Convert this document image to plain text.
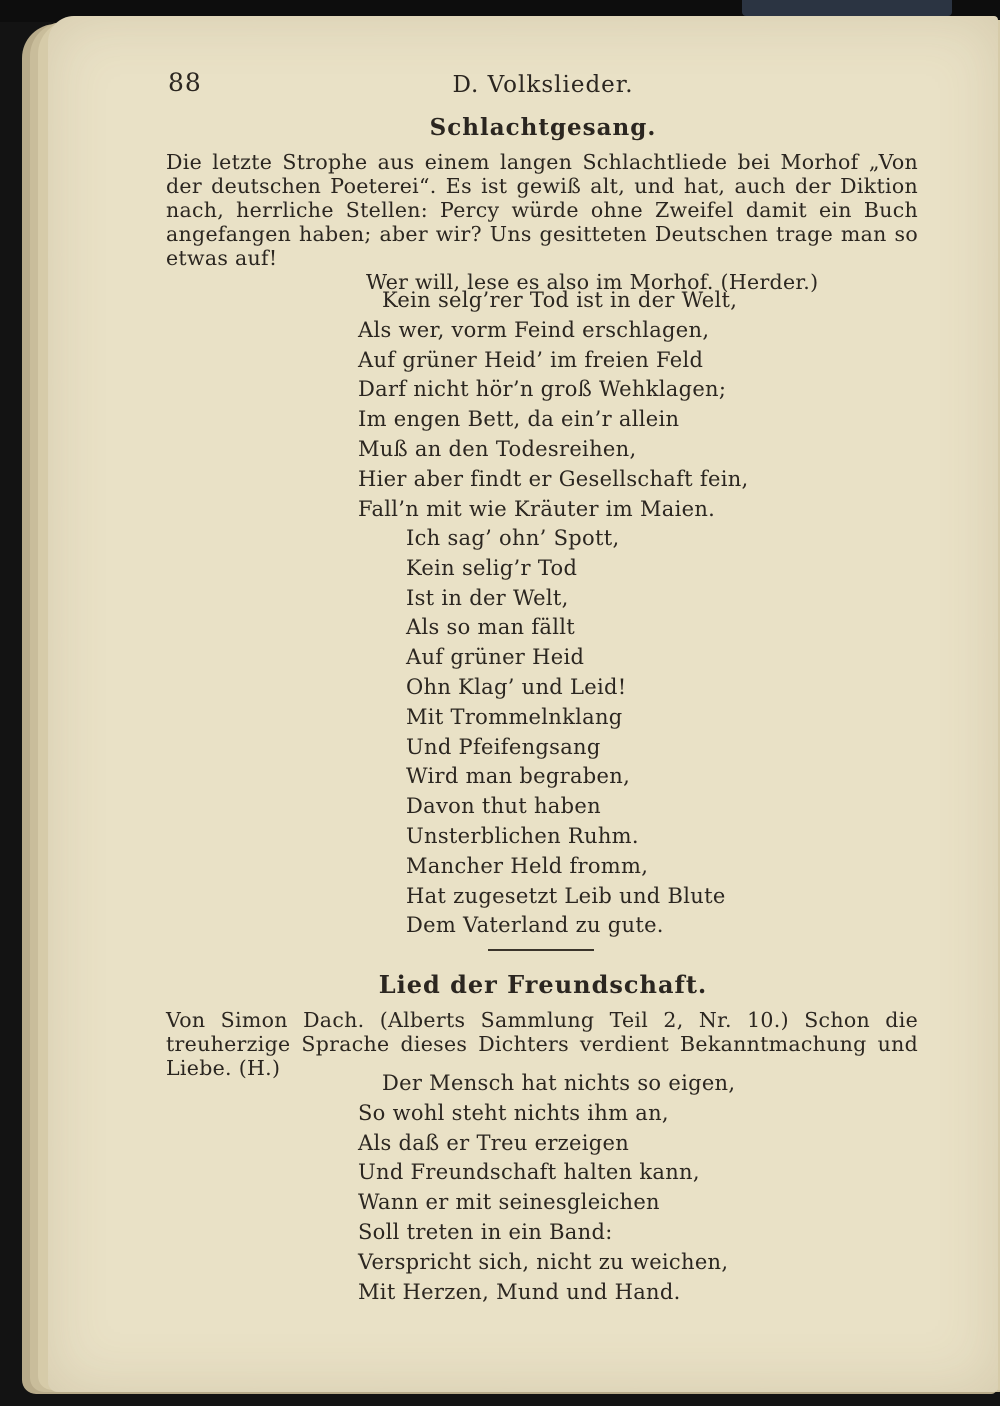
88	D. Volkslieder.
Schlachtgesang.
Die letzte Strophe aus einem langen Schlachtliede bei Morhof „Von der deutschen Poeterei“. Es ist gewiß alt, und hat, auch der Diktion nach, herrliche Stellen: Percy würde ohne Zweifel damit ein Buch angefangen haben; aber wir? Uns gesitteten Deutschen trage man so etwas auf!
Wer will, lese es also im Morhof. (Herder.)
Kein selg’rer Tod ist in der Welt,
Als wer, vorm Feind erschlagen,
Auf grüner Heid’ im freien Feld
Darf nicht hör’n groß Wehklagen;
Im engen Bett, da ein’r allein
Muß an den Todesreihen,
Hier aber findt er Gesellschaft fein,
Fall’n mit wie Kräuter im Maien.
Ich sag’ ohn’ Spott,
Kein selig’r Tod
Ist in der Welt,
Als so man fällt
Auf grüner Heid
Ohn Klag’ und Leid!
Mit Trommelnklang
Und Pfeifengsang
Wird man begraben,
Davon thut haben
Unsterblichen Ruhm.
Mancher Held fromm,
Hat zugesetzt Leib und Blute
Dem Vaterland zu gute.
Lied der Freundschaft.
Von Simon Dach. (Alberts Sammlung Teil 2, Nr. 10.) Schon die treuherzige Sprache dieses Dichters verdient Bekanntmachung und Liebe. (H.)
Der Mensch hat nichts so eigen,
So wohl steht nichts ihm an,
Als daß er Treu erzeigen
Und Freundschaft halten kann,
Wann er mit seinesgleichen
Soll treten in ein Band:
Verspricht sich, nicht zu weichen,
Mit Herzen, Mund und Hand.
